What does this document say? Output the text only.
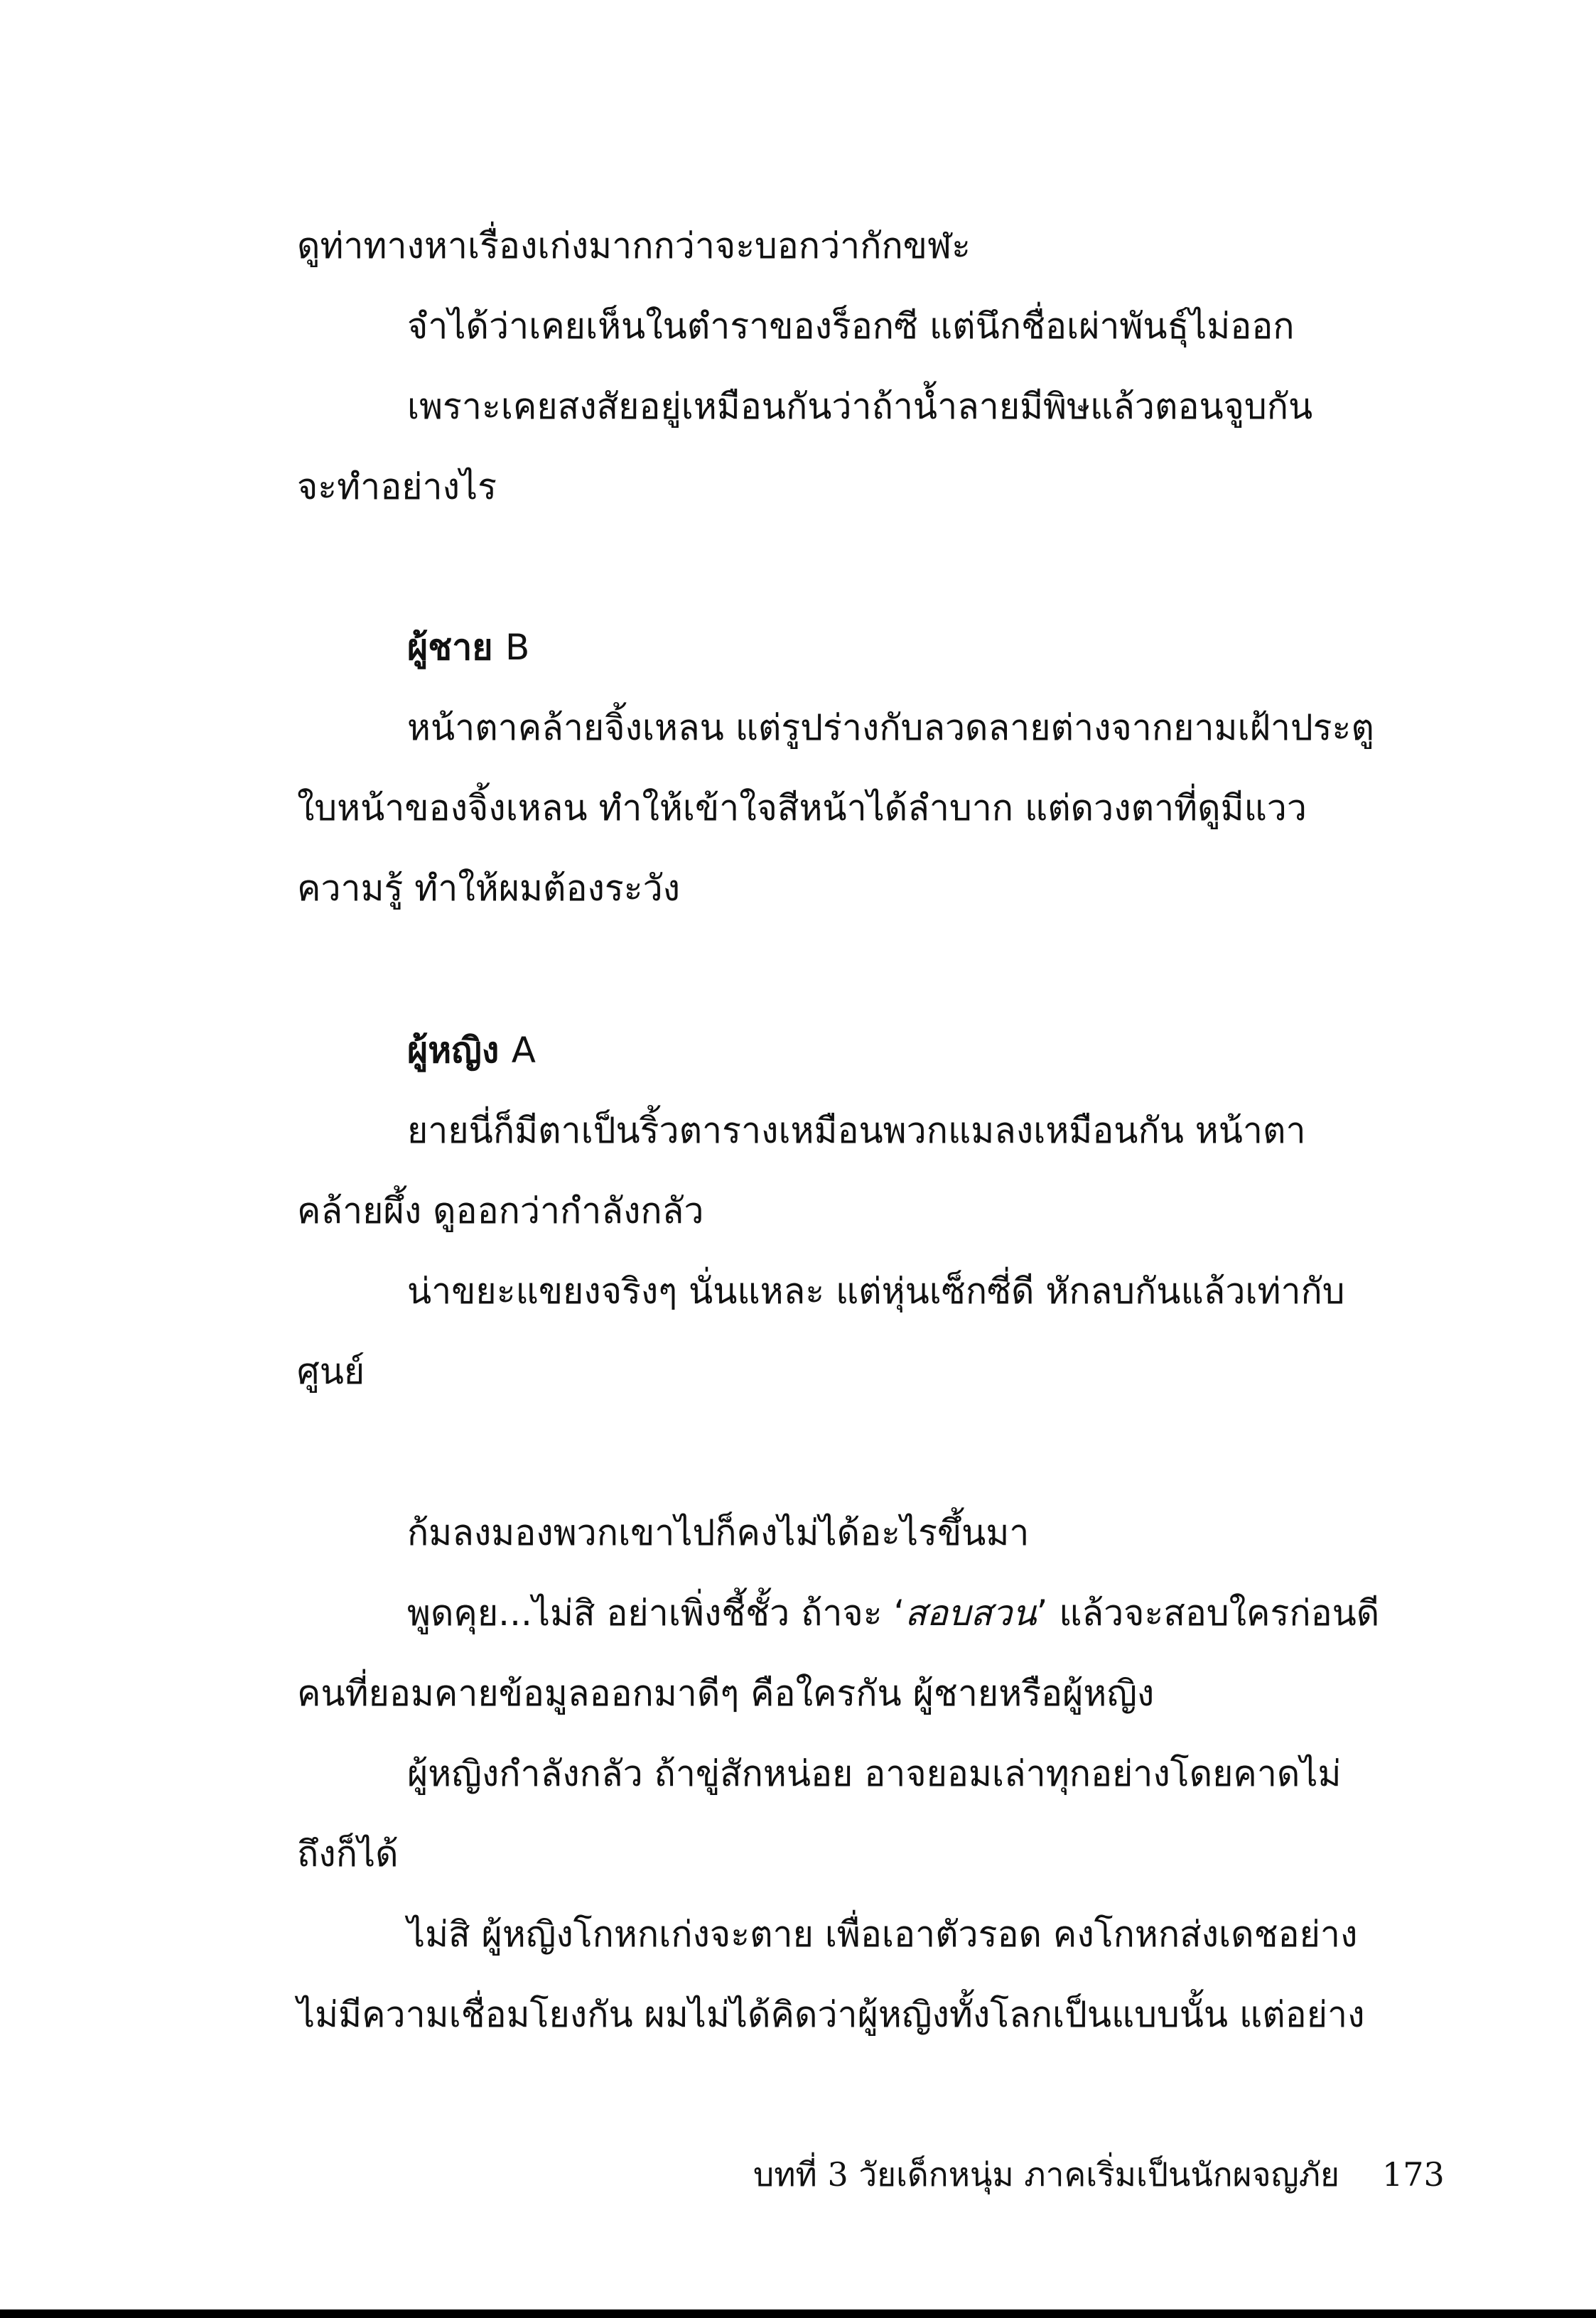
ดูท่าทางหาเรื่องเก่งมากกว่าจะบอกว่ากักขฬะ
จำได้ว่าเคยเห็นในตำราของร็อกซี แต่นึกชื่อเผ่าพันธุ์ไม่ออก
เพราะเคยสงสัยอยู่เหมือนกันว่าถ้าน้ำลายมีพิษแล้วตอนจูบกัน
จะทำอย่างไร
ผู้ชาย B
หน้าตาคล้ายจิ้งเหลน แต่รูปร่างกับลวดลายต่างจากยามเฝ้าประตู
ใบหน้าของจิ้งเหลน ทำให้เข้าใจสีหน้าได้ลำบาก แต่ดวงตาที่ดูมีแวว
ความรู้ ทำให้ผมต้องระวัง
ผู้หญิง A
ยายนี่ก็มีตาเป็นริ้วตารางเหมือนพวกแมลงเหมือนกัน หน้าตา
คล้ายผึ้ง ดูออกว่ากำลังกลัว
น่าขยะแขยงจริงๆ นั่นแหละ แต่หุ่นเซ็กซี่ดี หักลบกันแล้วเท่ากับ
ศูนย์
ก้มลงมองพวกเขาไปก็คงไม่ได้อะไรขึ้นมา
พูดคุย...ไม่สิ อย่าเพิ่งชี้ชั้ว ถ้าจะ ‘สอบสวน’ แล้วจะสอบใครก่อนดี
คนที่ยอมคายข้อมูลออกมาดีๆ คือใครกัน ผู้ชายหรือผู้หญิง
ผู้หญิงกำลังกลัว ถ้าขู่สักหน่อย อาจยอมเล่าทุกอย่างโดยคาดไม่
ถึงก็ได้
ไม่สิ ผู้หญิงโกหกเก่งจะตาย เพื่อเอาตัวรอด คงโกหกส่งเดชอย่าง
ไม่มีความเชื่อมโยงกัน ผมไม่ได้คิดว่าผู้หญิงทั้งโลกเป็นแบบนั้น แต่อย่าง
บทที่ 3 วัยเด็กหนุ่ม ภาคเริ่มเป็นนักผจญภัย 173
